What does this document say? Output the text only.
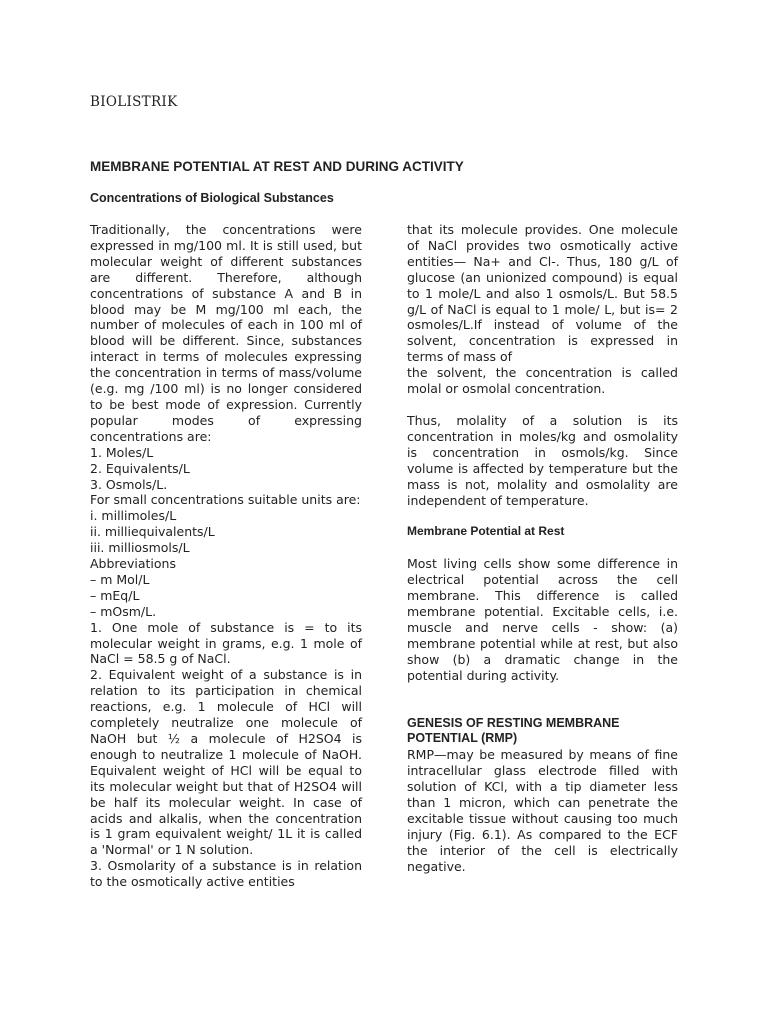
BIOLISTRIK
MEMBRANE POTENTIAL AT REST AND DURING ACTIVITY
Concentrations of Biological Substances

Traditionally, the concentrations were expressed in mg/100 ml. It is still used, but molecular weight of different substances are different. Therefore, although concentrations of substance A and B in blood may be M mg/100 ml each, the number of molecules of each in 100 ml of blood will be different. Since, substances interact in terms of molecules expressing the concentration in terms of mass/volume (e.g. mg /100 ml) is no longer considered to be best mode of expression. Currently popular modes of expressing concentrations are:

1. Moles/L
2. Equivalents/L
3. Osmols/L.

For small concentrations suitable units are:

i. millimoles/L
ii. milliequivalents/L
iii. milliosmols/L
Abbreviations
– m Mol/L
– mEq/L
– mOsm/L.

1. One mole of substance is = to its molecular weight in grams, e.g. 1 mole of NaCl = 58.5 g of NaCl.

2. Equivalent weight of a substance is in relation to its participation in chemical reactions, e.g. 1 molecule of HCl will completely neutralize one molecule of NaOH but ½ a molecule of H2SO4 is enough to neutralize 1 molecule of NaOH. Equivalent weight of HCl will be equal to its molecular weight but that of H2SO4 will be half its molecular weight. In case of acids and alkalis, when the concentration is 1 gram equivalent weight/ 1L it is called a 'Normal' or 1 N solution.

3. Osmolarity of a substance is in relation to the osmotically active entities

that its molecule provides. One molecule of NaCl provides two osmotically active entities— Na+ and Cl-. Thus, 180 g/L of glucose (an unionized compound) is equal to 1 mole/L and also 1 osmols/L. But 58.5 g/L of NaCl is equal to 1 mole/ L, but is= 2 osmoles/L.If instead of volume of the solvent, concentration is expressed in terms of mass of

the solvent, the concentration is called molal or osmolal concentration.

Thus, molality of a solution is its concentration in moles/kg and osmolality is concentration in osmols/kg. Since volume is affected by temperature but the mass is not, molality and osmolality are independent of temperature.

Membrane Potential at Rest

Most living cells show some difference in electrical potential across the cell membrane. This difference is called membrane potential. Excitable cells, i.e. muscle and nerve cells - show: (a) membrane potential while at rest, but also show (b) a dramatic change in the potential during activity.

GENESIS OF RESTING MEMBRANE POTENTIAL (RMP)

RMP—may be measured by means of fine intracellular glass electrode filled with solution of KCl, with a tip diameter less than 1 micron, which can penetrate the excitable tissue without causing too much injury (Fig. 6.1). As compared to the ECF the interior of the cell is electrically negative.
